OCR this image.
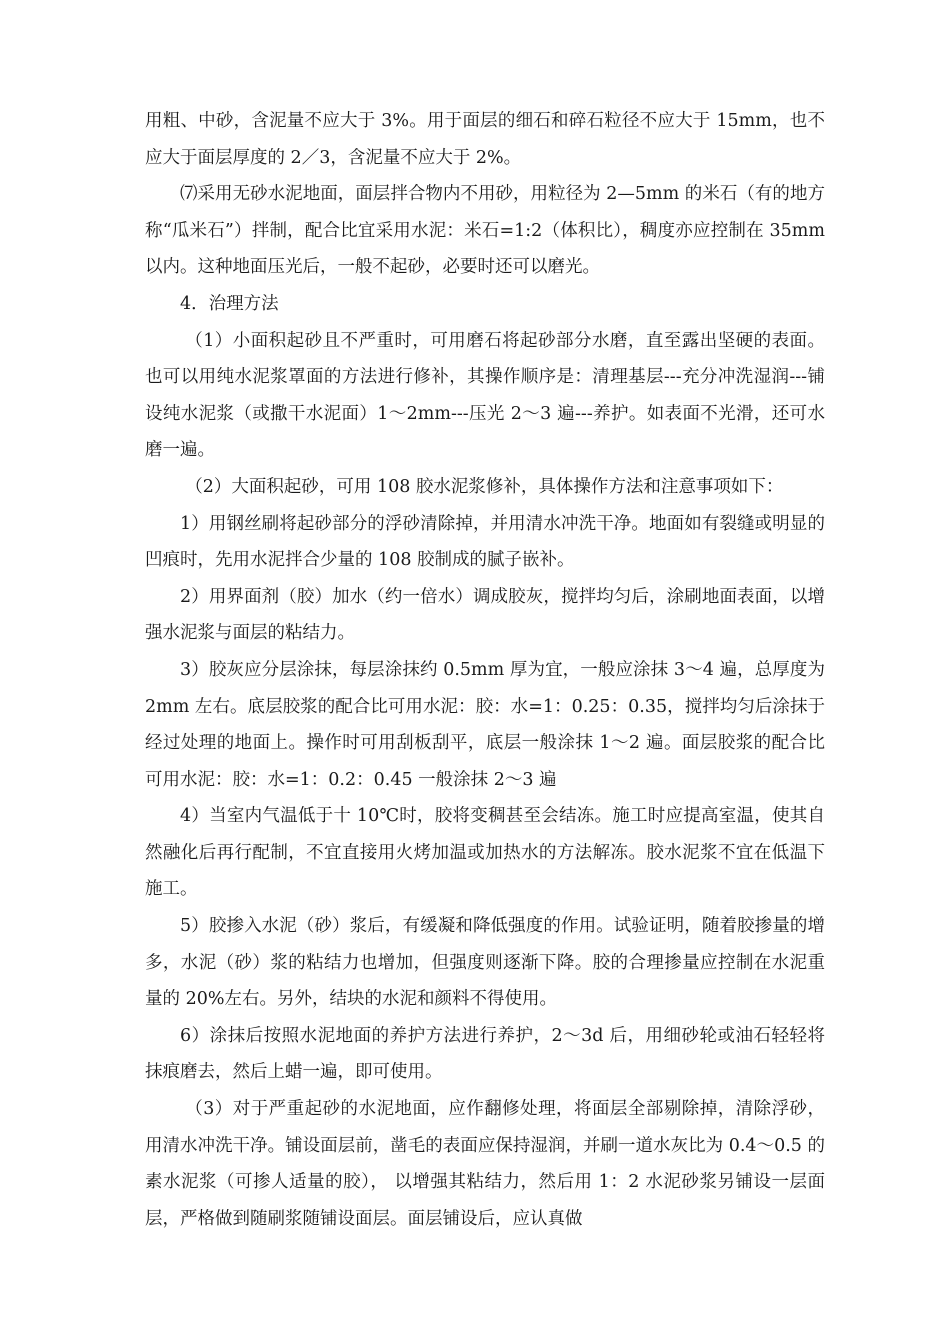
用粗、中砂，含泥量不应大于 3%。用于面层的细石和碎石粒径不应大于 15mm，也不应大于面层厚度的 2／3，含泥量不应大于 2%。

⑺采用无砂水泥地面，面层拌合物内不用砂，用粒径为 2—5mm 的米石（有的地方称“瓜米石”）拌制，配合比宜采用水泥：米石=1:2（体积比），稠度亦应控制在 35mm 以内。这种地面压光后，一般不起砂，必要时还可以磨光。

4．治理方法

（1）小面积起砂且不严重时，可用磨石将起砂部分水磨，直至露出坚硬的表面。也可以用纯水泥浆罩面的方法进行修补，其操作顺序是：清理基层---充分冲洗湿润---铺设纯水泥浆（或撒干水泥面）1～2mm---压光 2～3 遍---养护。如表面不光滑，还可水磨一遍。

（2）大面积起砂，可用 108 胶水泥浆修补，具体操作方法和注意事项如下：

1）用钢丝刷将起砂部分的浮砂清除掉，并用清水冲洗干净。地面如有裂缝或明显的凹痕时，先用水泥拌合少量的 108 胶制成的腻子嵌补。

2）用界面剂（胶）加水（约一倍水）调成胶灰，搅拌均匀后，涂刷地面表面，以增强水泥浆与面层的粘结力。

3）胶灰应分层涂抹，每层涂抹约 0.5mm 厚为宜，一般应涂抹 3～4 遍，总厚度为 2mm 左右。底层胶浆的配合比可用水泥：胶：水=1：0.25：0.35，搅拌均匀后涂抹于经过处理的地面上。操作时可用刮板刮平，底层一般涂抹 1～2 遍。面层胶浆的配合比可用水泥：胶：水=1：0.2：0.45 一般涂抹 2～3 遍

4）当室内气温低于十 10℃时，胶将变稠甚至会结冻。施工时应提高室温，使其自然融化后再行配制，不宜直接用火烤加温或加热水的方法解冻。胶水泥浆不宜在低温下施工。

5）胶掺入水泥（砂）浆后，有缓凝和降低强度的作用。试验证明，随着胶掺量的增多，水泥（砂）浆的粘结力也增加，但强度则逐渐下降。胶的合理掺量应控制在水泥重量的 20%左右。另外，结块的水泥和颜料不得使用。

6）涂抹后按照水泥地面的养护方法进行养护，2～3d 后，用细砂轮或油石轻轻将抹痕磨去，然后上蜡一遍，即可使用。

（3）对于严重起砂的水泥地面，应作翻修处理，将面层全部剔除掉，清除浮砂，用清水冲洗干净。铺设面层前，凿毛的表面应保持湿润，并刷一道水灰比为 0.4～0.5 的素水泥浆（可掺人适量的胶）， 以增强其粘结力，然后用 1：2 水泥砂浆另铺设一层面层，严格做到随刷浆随铺设面层。面层铺设后，应认真做
